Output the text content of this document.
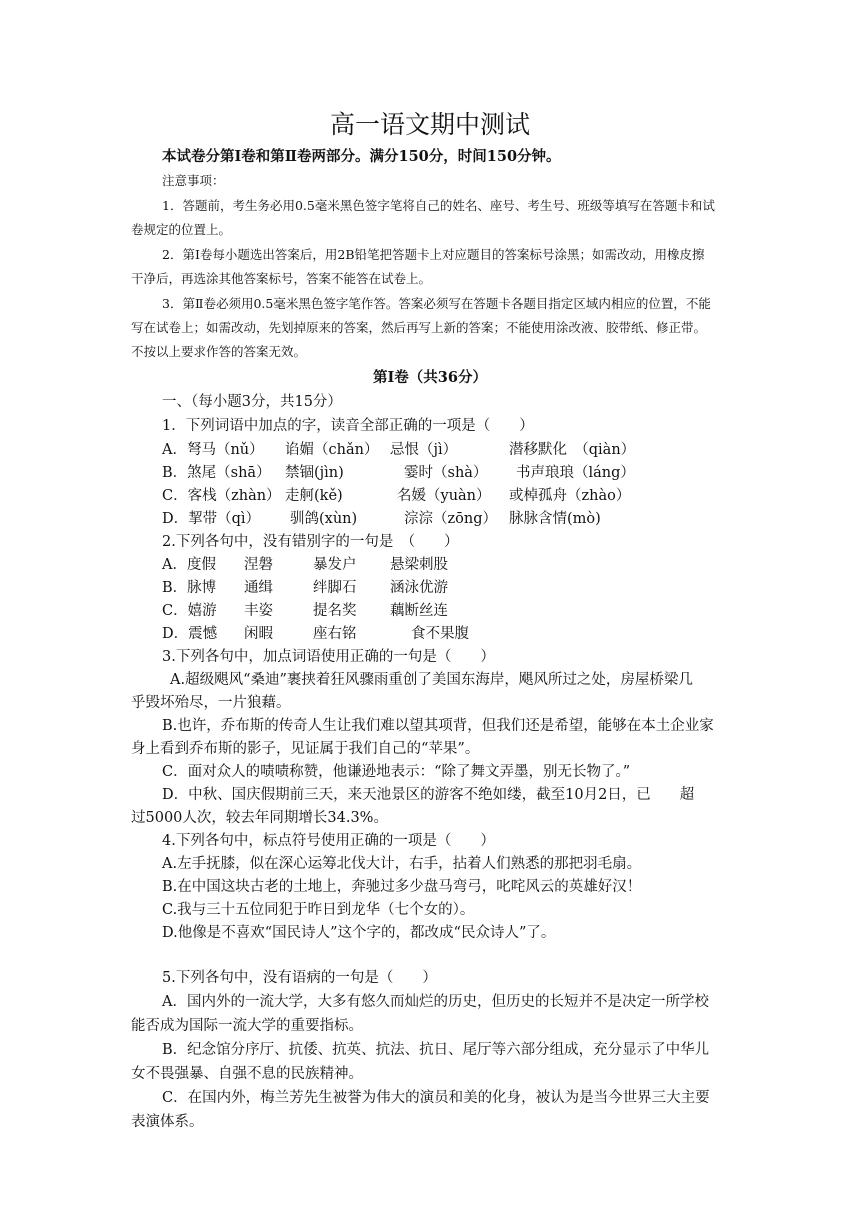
高一语文期中测试
本试卷分第Ⅰ卷和第Ⅱ卷两部分。满分150分，时间150分钟。
注意事项：
1．答题前，考生务必用0.5毫米黑色签字笔将自己的姓名、座号、考生号、班级等填写在答题卡和试
卷规定的位置上。
2．第Ⅰ卷每小题选出答案后，用2B铅笔把答题卡上对应题目的答案标号涂黑；如需改动，用橡皮擦
干净后，再选涂其他答案标号，答案不能答在试卷上。
3．第Ⅱ卷必须用0.5毫米黑色签字笔作答。答案必须写在答题卡各题目指定区域内相应的位置，不能
写在试卷上；如需改动，先划掉原来的答案，然后再写上新的答案；不能使用涂改液、胶带纸、修正带。
不按以上要求作答的答案无效。
第Ⅰ卷（共36分）
一、（每小题3分，共15分）
1．下列词语中加点的字，读音全部正确的一项是（　　）
A．弩马（nǔ） 谄媚（chǎn） 忌恨（jì）	潜移默化　（qiàn）
B．煞尾（shā） 禁锢(jìn)	霎时（shà） 书声琅琅（láng）
C．客栈（zhàn） 走舸(kě)	名媛（yuàn） 或棹孤舟（zhào）
D．挈带（qì） 驯鸽(xùn)	淙淙（zōng） 脉脉含情(mò)
2.下列各句中，没有错别字的一句是　（　　）
A．度假 涅磐	暴发户 悬梁刺股
B．脉博 通缉	绊脚石 涵泳优游
C．嬉游 丰姿	提名奖 藕断丝连
D．震憾 闲暇	座右铭	食不果腹
3.下列各句中，加点词语使用正确的一句是（　　）
A.超级飓风“桑迪”裹挟着狂风骤雨重创了美国东海岸，飓风所过之处，房屋桥梁几
乎毁坏殆尽，一片狼藉。
B.也许，乔布斯的传奇人生让我们难以望其项背，但我们还是希望，能够在本土企业家
身上看到乔布斯的影子，见证属于我们自己的“苹果”。
C．面对众人的啧啧称赞，他谦逊地表示：“除了舞文弄墨，别无长物了。”
D．中秋、国庆假期前三天，来天池景区的游客不绝如缕，截至10月2日，已　　超
过5000人次，较去年同期增长34.3%。
4.下列各句中，标点符号使用正确的一项是（　　）
A.左手抚膝，似在深心运筹北伐大计，右手，拈着人们熟悉的那把羽毛扇。
B.在中国这块古老的土地上，奔驰过多少盘马弯弓，叱咤风云的英雄好汉！
C.我与三十五位同犯于昨日到龙华（七个女的）。
D.他像是不喜欢“国民诗人”这个字的，都改成“民众诗人”了。
5.下列各句中，没有语病的一句是（　　）
A．国内外的一流大学，大多有悠久而灿烂的历史，但历史的长短并不是决定一所学校
能否成为国际一流大学的重要指标。
B．纪念馆分序厅、抗倭、抗英、抗法、抗日、尾厅等六部分组成，充分显示了中华儿
女不畏强暴、自强不息的民族精神。
C．在国内外，梅兰芳先生被誉为伟大的演员和美的化身，被认为是当今世界三大主要
表演体系。
